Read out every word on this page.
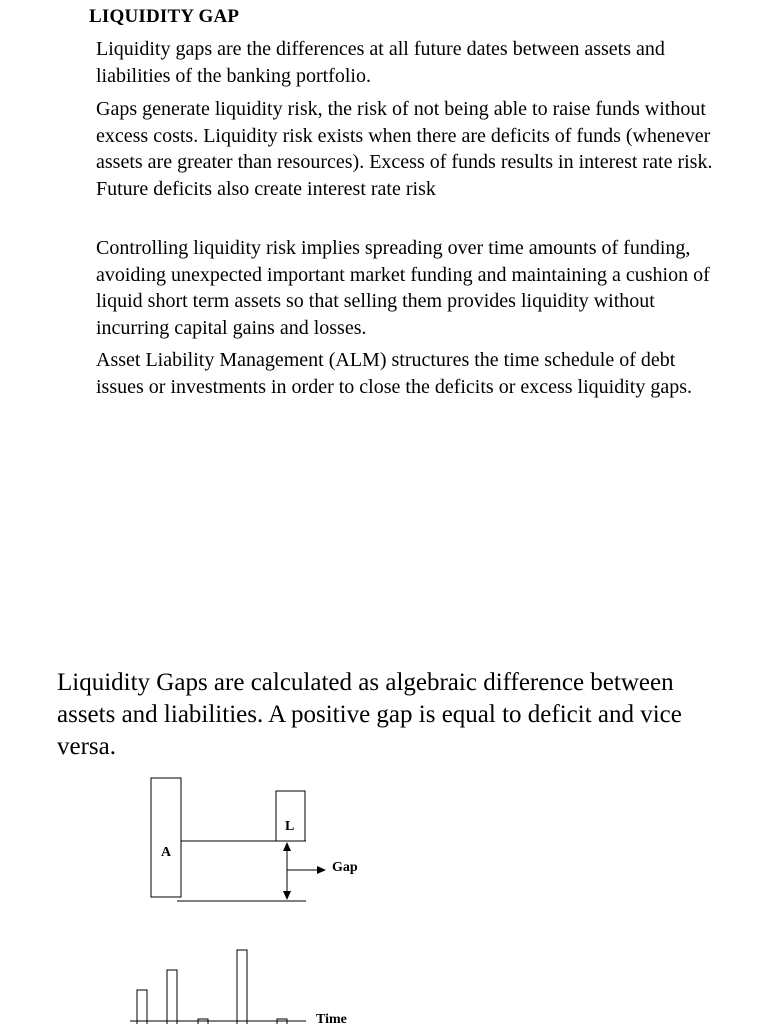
LIQUIDITY GAP

Liquidity gaps are the differences at all future dates between assets and liabilities of the banking portfolio.

Gaps generate liquidity risk, the risk of not being able to raise funds without excess costs. Liquidity risk exists when there are deficits of funds (whenever assets are greater than resources). Excess of funds results in interest rate risk. Future deficits also create interest rate risk

Controlling liquidity risk implies spreading over time amounts of funding, avoiding unexpected important market funding and maintaining a cushion of liquid short term assets so that selling them provides liquidity without incurring capital gains and losses.

Asset Liability Management (ALM) structures the time schedule of debt issues or investments in order to close the deficits or excess liquidity gaps.

Liquidity Gaps are calculated as algebraic difference between assets and liabilities. A positive gap is equal to deficit and vice versa.

A
L
Gap
Time
